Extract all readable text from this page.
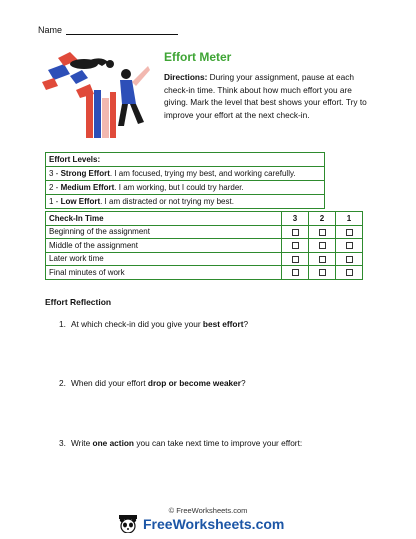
Name
Effort Meter
Directions: During your assignment, pause at each check-in time. Think about how much effort you are giving. Mark the level that best shows your effort. Try to improve your effort at the next check-in.
Effort Levels:
3 - Strong Effort. I am focused, trying my best, and working carefully.
2 - Medium Effort. I am working, but I could try harder.
1 - Low Effort. I am distracted or not trying my best.
Check-In Time	3	2	1
Beginning of the assignment			
Middle of the assignment			
Later work time			
Final minutes of work			
Effort Reflection
1. At which check-in did you give your best effort?
2. When did your effort drop or become weaker?
3. Write one action you can take next time to improve your effort:
© FreeWorksheets.com
FreeWorksheets.com
